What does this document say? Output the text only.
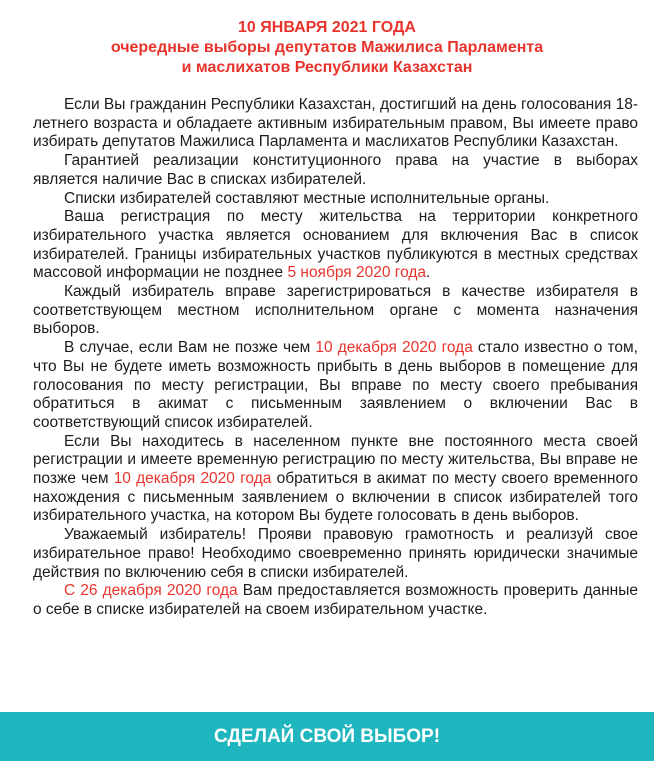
10 ЯНВАРЯ 2021 ГОДА
очередные выборы депутатов Мажилиса Парламента
и маслихатов Республики Казахстан

Если Вы гражданин Республики Казахстан, достигший на день голосования 18-летнего возраста и обладаете активным избирательным правом, Вы имеете право избирать депутатов Мажилиса Парламента и маслихатов Республики Казахстан.

Гарантией реализации конституционного права на участие в выборах является наличие Вас в списках избирателей.

Списки избирателей составляют местные исполнительные органы.

Ваша регистрация по месту жительства на территории конкретного избирательного участка является основанием для включения Вас в список избирателей. Границы избирательных участков публикуются в местных средствах массовой информации не позднее 5 ноября 2020 года.

Каждый избиратель вправе зарегистрироваться в качестве избирателя в соответствующем местном исполнительном органе с момента назначения выборов.

В случае, если Вам не позже чем 10 декабря 2020 года стало известно о том, что Вы не будете иметь возможность прибыть в день выборов в помещение для голосования по месту регистрации, Вы вправе по месту своего пребывания обратиться в акимат с письменным заявлением о включении Вас в соответствующий список избирателей.

Если Вы находитесь в населенном пункте вне постоянного места своей регистрации и имеете временную регистрацию по месту жительства, Вы вправе не позже чем 10 декабря 2020 года обратиться в акимат по месту своего временного нахождения с письменным заявлением о включении в список избирателей того избирательного участка, на котором Вы будете голосовать в день выборов.

Уважаемый избиратель! Прояви правовую грамотность и реализуй свое избирательное право! Необходимо своевременно принять юридически значимые действия по включению себя в списки избирателей.

С 26 декабря 2020 года Вам предоставляется возможность проверить данные о себе в списке избирателей на своем избирательном участке.

СДЕЛАЙ СВОЙ ВЫБОР!
